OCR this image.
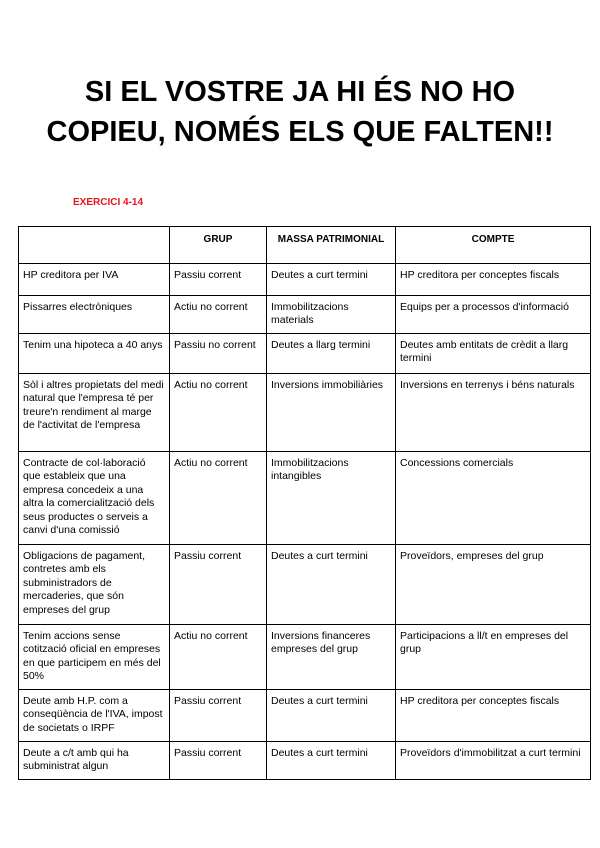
SI EL VOSTRE JA HI ÉS NO HO COPIEU, NOMÉS ELS QUE FALTEN!!

EXERCICI 4-14

	GRUP	MASSA PATRIMONIAL	COMPTE
HP creditora per IVA	Passiu corrent	Deutes a curt termini	HP creditora per conceptes fiscals
Pissarres electròniques	Actiu no corrent	Immobilitzacions materials	Equips per a processos d'informació
Tenim una hipoteca a 40 anys	Passiu no corrent	Deutes a llarg termini	Deutes amb entitats de crèdit a llarg termini
Sòl i altres propietats del medi natural que l'empresa té per treure'n rendiment al marge de l'activitat de l'empresa	Actiu no corrent	Inversions immobiliàries	Inversions en terrenys i béns naturals
Contracte de col·laboració que estableix que una empresa concedeix a una altra la comercialització dels seus productes o serveis a canvi d'una comissió	Actiu no corrent	Immobilitzacions intangibles	Concessions comercials
Obligacions de pagament, contretes amb els subministradors de mercaderies, que són empreses del grup	Passiu corrent	Deutes a curt termini	Proveïdors, empreses del grup
Tenim accions sense cotització oficial en empreses en que participem en més del 50%	Actiu no corrent	Inversions financeres empreses del grup	Participacions a ll/t en empreses del grup
Deute amb H.P. com a conseqüència de l'IVA, impost de societats o IRPF	Passiu corrent	Deutes a curt termini	HP creditora per conceptes fiscals
Deute a c/t amb qui ha subministrat algun	Passiu corrent	Deutes a curt termini	Proveïdors d'immobilitzat a curt termini
